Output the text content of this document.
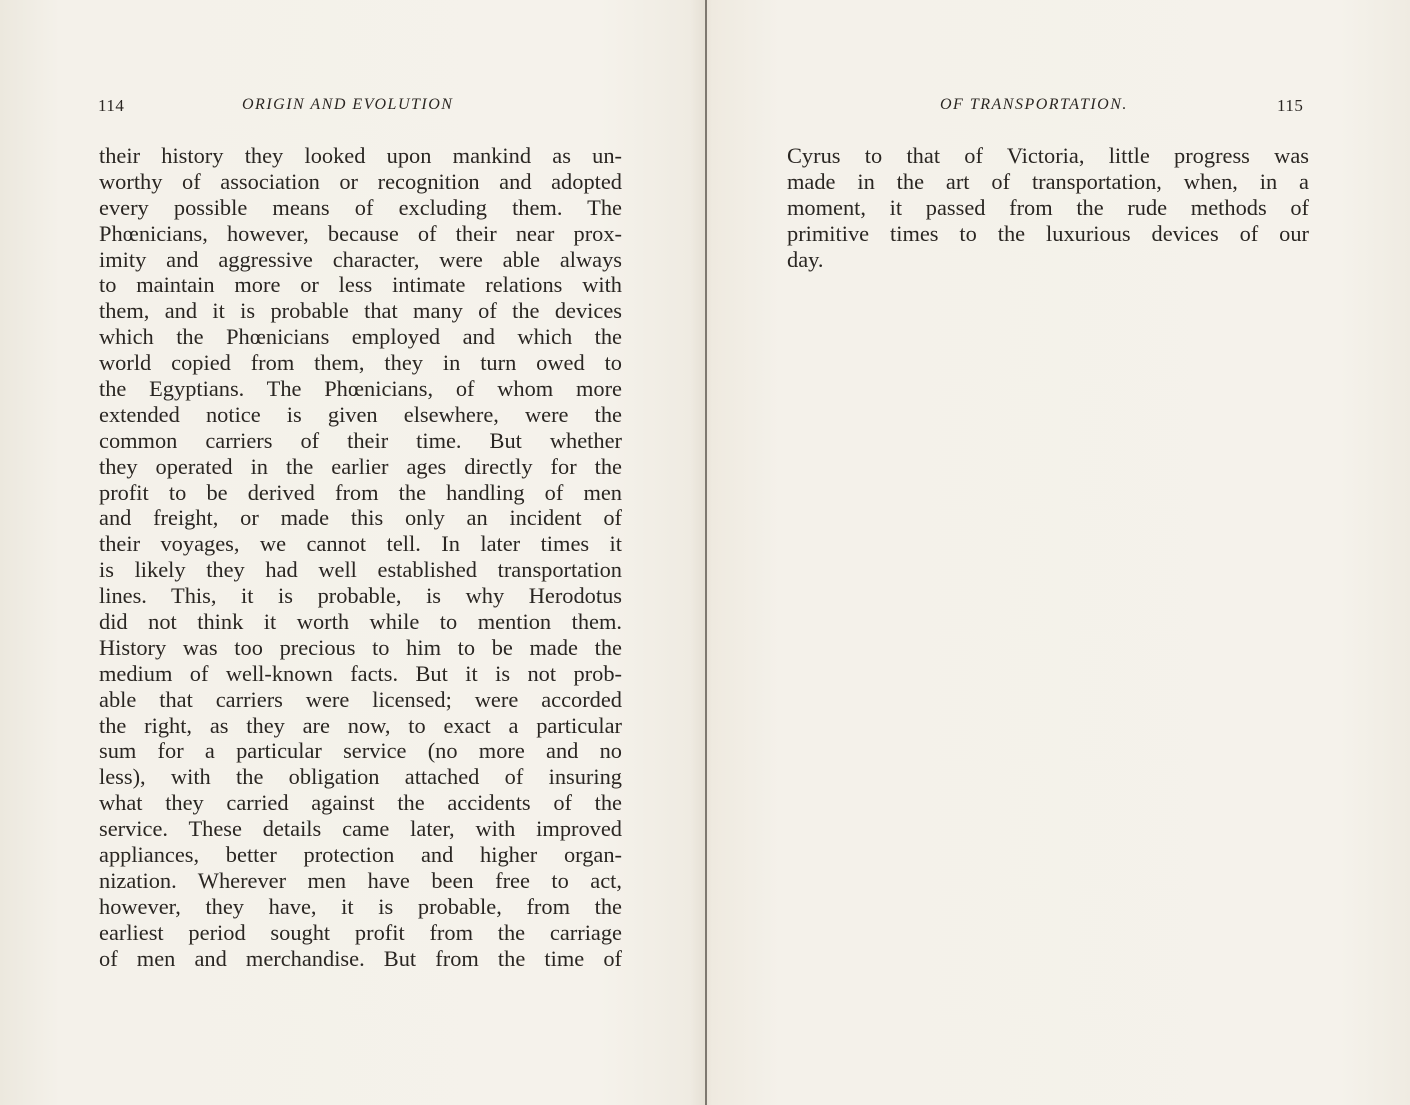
114	ORIGIN AND EVOLUTION
their history they looked upon mankind as un-
worthy of association or recognition and adopted
every possible means of excluding them. The
Phœnicians, however, because of their near prox-
imity and aggressive character, were able always
to maintain more or less intimate relations with
them, and it is probable that many of the devices
which the Phœnicians employed and which the
world copied from them, they in turn owed to
the Egyptians. The Phœnicians, of whom more
extended notice is given elsewhere, were the
common carriers of their time. But whether
they operated in the earlier ages directly for the
profit to be derived from the handling of men
and freight, or made this only an incident of
their voyages, we cannot tell. In later times it
is likely they had well established transportation
lines. This, it is probable, is why Herodotus
did not think it worth while to mention them.
History was too precious to him to be made the
medium of well-known facts. But it is not prob-
able that carriers were licensed; were accorded
the right, as they are now, to exact a particular
sum for a particular service (no more and no
less), with the obligation attached of insuring
what they carried against the accidents of the
service. These details came later, with improved
appliances, better protection and higher organ-
nization. Wherever men have been free to act,
however, they have, it is probable, from the
earliest period sought profit from the carriage
of men and merchandise. But from the time of
OF TRANSPORTATION.	115
Cyrus to that of Victoria, little progress was
made in the art of transportation, when, in a
moment, it passed from the rude methods of
primitive times to the luxurious devices of our
day.
